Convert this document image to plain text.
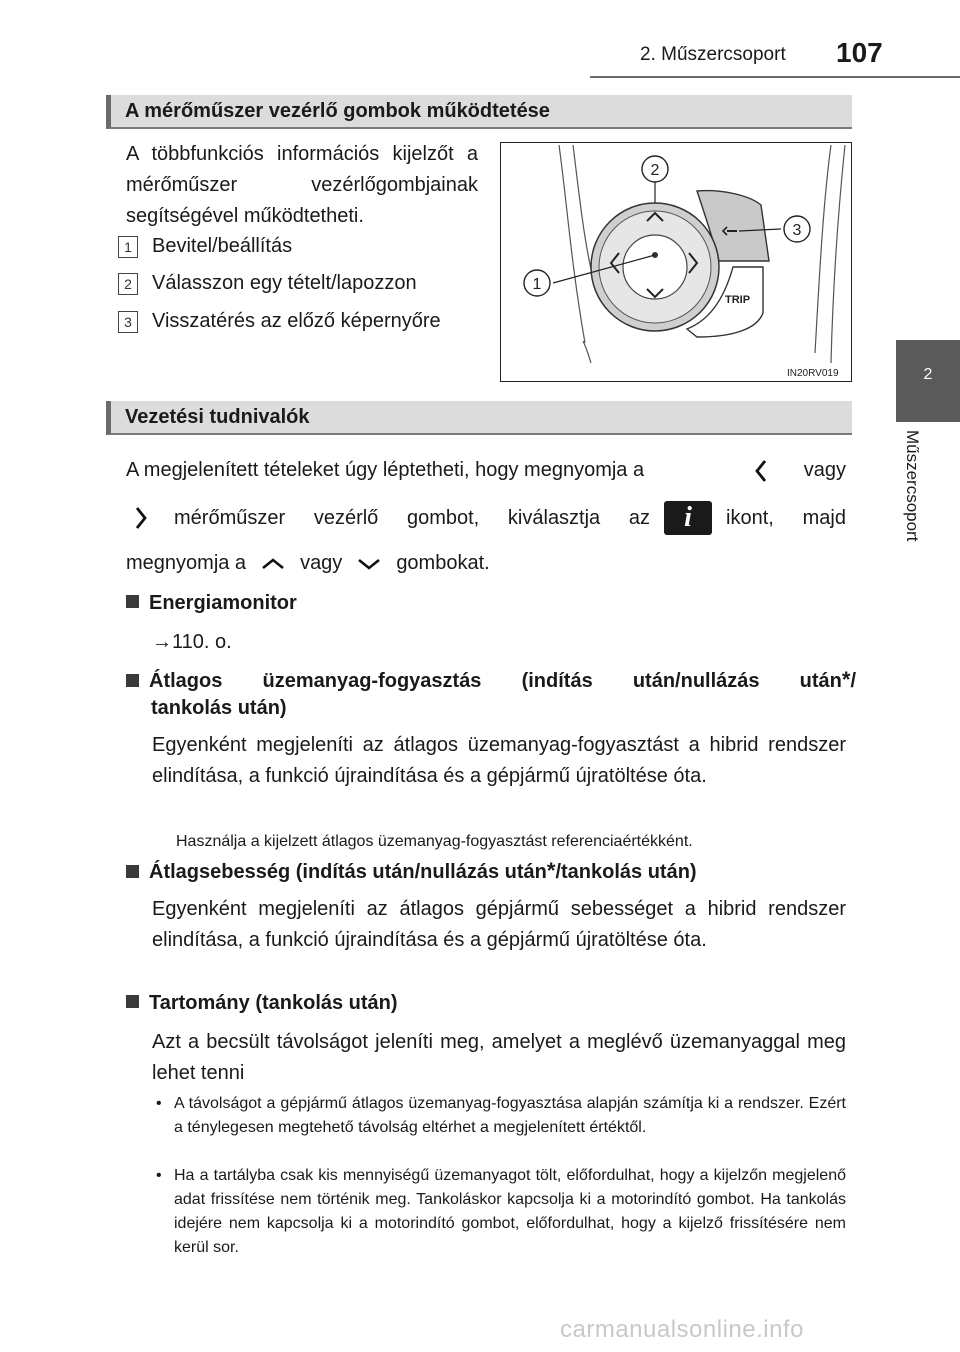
2. Műszercsoport 107
2
Műszercsoport
A mérőműszer vezérlő gombok működtetése
A többfunkciós információs kijelzőt a mérőműszer vezérlőgombjainak segítségével működtetheti.
1 Bevitel/beállítás
2 Válasszon egy tételt/lapozzon
3 Visszatérés az előző képernyőre
TRIP
1
2
3
IN20RV019
Vezetési tudnivalók
A megjelenített tételeket úgy léptetheti, hogy megnyomja a	vagy
mérőműszer vezérlő gombot, kiválasztja az	i	ikont, majd
megnyomja a	vagy	gombokat.
Energiamonitor
→110. o.
Átlagos üzemanyag-fogyasztás (indítás után/nullázás után * /
tankolás után)
Egyenként megjeleníti az átlagos üzemanyag-fogyasztást a hibrid rendszer elindítása, a funkció újraindítása és a gépjármű újratöltése óta.
Használja a kijelzett átlagos üzemanyag-fogyasztást referenciaértékként.
Átlagsebesség (indítás után/nullázás után * /tankolás után)
Egyenként megjeleníti az átlagos gépjármű sebességet a hibrid rendszer elindítása, a funkció újraindítása és a gépjármű újratöltése óta.
Tartomány (tankolás után)
Azt a becsült távolságot jeleníti meg, amelyet a meglévő üzemanyaggal meg lehet tenni
• A távolságot a gépjármű átlagos üzemanyag-fogyasztása alapján számítja ki a rendszer. Ezért a ténylegesen megtehető távolság eltérhet a megjelenített értéktől.
• Ha a tartályba csak kis mennyiségű üzemanyagot tölt, előfordulhat, hogy a kijelzőn megjelenő adat frissítése nem történik meg. Tankoláskor kapcsolja ki a motorindító gombot. Ha tankolás idejére nem kapcsolja ki a motorindító gombot, előfordulhat, hogy a kijelző frissítésére nem kerül sor.
carmanualsonline.info
